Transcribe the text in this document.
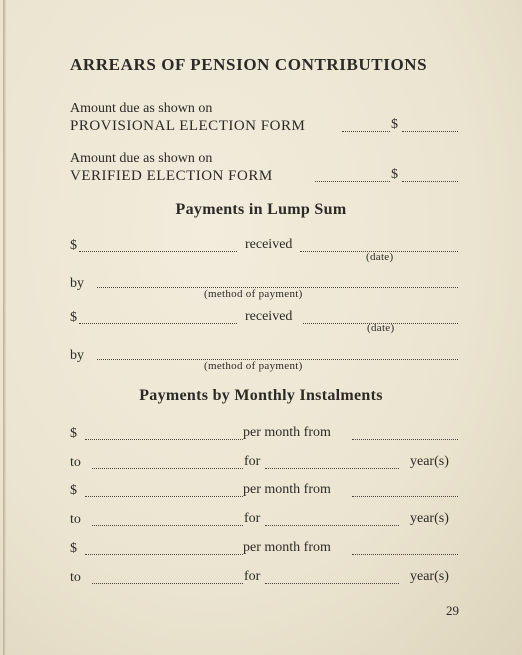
ARREARS OF PENSION CONTRIBUTIONS
Amount due as shown on
PROVISIONAL ELECTION FORM	$
Amount due as shown on
VERIFIED ELECTION FORM	$
Payments in Lump Sum
$	received
(date)
by
(method of payment)
$	received
(date)
by
(method of payment)
Payments by Monthly Instalments
$	per month from
to	for	year(s)
$	per month from
to	for	year(s)
$	per month from
to	for	year(s)
29
